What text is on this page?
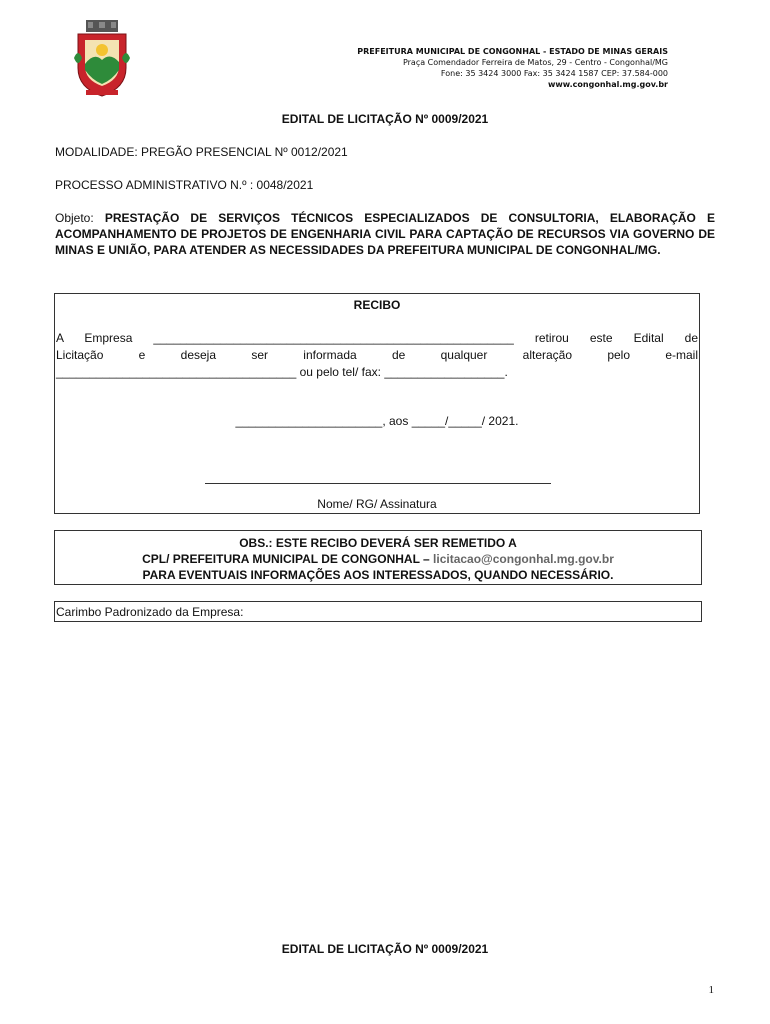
PREFEITURA MUNICIPAL DE CONGONHAL - ESTADO DE MINAS GERAIS
Praça Comendador Ferreira de Matos, 29 - Centro - Congonhal/MG
Fone: 35 3424 3000 Fax: 35 3424 1587 CEP: 37.584-000
www.congonhal.mg.gov.br
EDITAL DE LICITAÇÃO Nº 0009/2021
MODALIDADE: PREGÃO PRESENCIAL Nº 0012/2021
PROCESSO ADMINISTRATIVO N.º : 0048/2021
Objeto: PRESTAÇÃO DE SERVIÇOS TÉCNICOS ESPECIALIZADOS DE CONSULTORIA, ELABORAÇÃO E ACOMPANHAMENTO DE PROJETOS DE ENGENHARIA CIVIL PARA CAPTAÇÃO DE RECURSOS VIA GOVERNO DE MINAS E UNIÃO, PARA ATENDER AS NECESSIDADES DA PREFEITURA MUNICIPAL DE CONGONHAL/MG.
RECIBO
A Empresa ______________________________________________________ retirou este Edital de
Licitação e deseja ser informada de qualquer alteração pelo e-mail
____________________________________ ou pelo tel/ fax: __________________.
______________________, aos _____/_____/ 2021.
Nome/ RG/ Assinatura
OBS.: ESTE RECIBO DEVERÁ SER REMETIDO A
CPL/ PREFEITURA MUNICIPAL DE CONGONHAL – licitacao@congonhal.mg.gov.br
PARA EVENTUAIS INFORMAÇÕES AOS INTERESSADOS, QUANDO NECESSÁRIO.
Carimbo Padronizado da Empresa:
EDITAL DE LICITAÇÃO Nº 0009/2021
1
